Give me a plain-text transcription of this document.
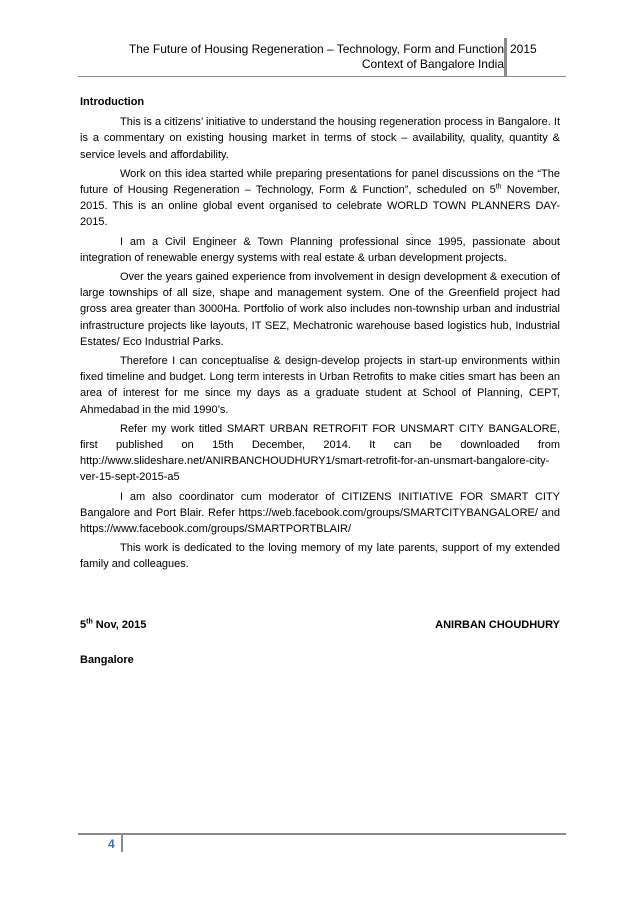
The Future of Housing Regeneration – Technology, Form and Function
Context of Bangalore India
2015
Introduction

This is a citizens’ initiative to understand the housing regeneration process in Bangalore. It is a commentary on existing housing market in terms of stock – availability, quality, quantity & service levels and affordability.

Work on this idea started while preparing presentations for panel discussions on the “The future of Housing Regeneration – Technology, Form & Function”, scheduled on 5th November, 2015. This is an online global event organised to celebrate WORLD TOWN PLANNERS DAY-2015.

I am a Civil Engineer & Town Planning professional since 1995, passionate about integration of renewable energy systems with real estate & urban development projects.

Over the years gained experience from involvement in design development & execution of large townships of all size, shape and management system. One of the Greenfield project had gross area greater than 3000Ha. Portfolio of work also includes non-township urban and industrial infrastructure projects like layouts, IT SEZ, Mechatronic warehouse based logistics hub, Industrial Estates/ Eco Industrial Parks.

Therefore I can conceptualise & design-develop projects in start-up environments within fixed timeline and budget. Long term interests in Urban Retrofits to make cities smart has been an area of interest for me since my days as a graduate student at School of Planning, CEPT, Ahmedabad in the mid 1990’s.

Refer my work titled SMART URBAN RETROFIT FOR UNSMART CITY BANGALORE, first published on 15th December, 2014. It can be downloaded from http://www.slideshare.net/ANIRBANCHOUDHURY1/smart-retrofit-for-an-unsmart-bangalore-city-ver-15-sept-2015-a5

I am also coordinator cum moderator of CITIZENS INITIATIVE FOR SMART CITY Bangalore and Port Blair. Refer https://web.facebook.com/groups/SMARTCITYBANGALORE/ and https://www.facebook.com/groups/SMARTPORTBLAIR/

This work is dedicated to the loving memory of my late parents, support of my extended family and colleagues.

5th Nov, 2015	ANIRBAN CHOUDHURY
Bangalore
4
